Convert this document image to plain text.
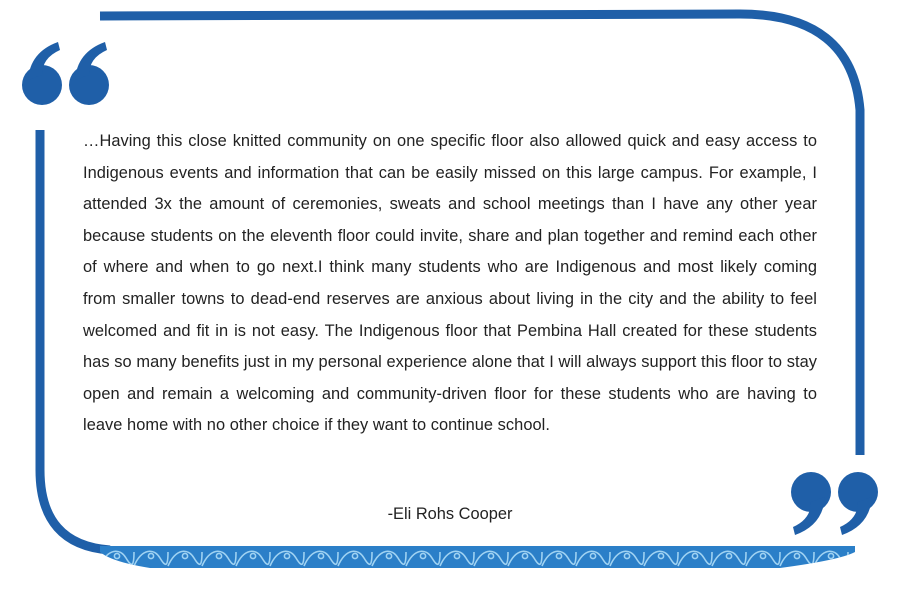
…Having this close knitted community on one specific floor also allowed quick and easy access to Indigenous events and information that can be easily missed on this large campus. For example, I attended 3x the amount of ceremonies, sweats and school meetings than I have any other year because students on the eleventh floor could invite, share and plan together and remind each other of where and when to go next.I think many students who are Indigenous and most likely coming from smaller towns to dead-end reserves are anxious about living in the city and the ability to feel welcomed and fit in is not easy. The Indigenous floor that Pembina Hall created for these students has so many benefits just in my personal experience alone that I will always support this floor to stay open and remain a welcoming and community-driven floor for these students who are having to leave home with no other choice if they want to continue school.

-Eli Rohs Cooper
